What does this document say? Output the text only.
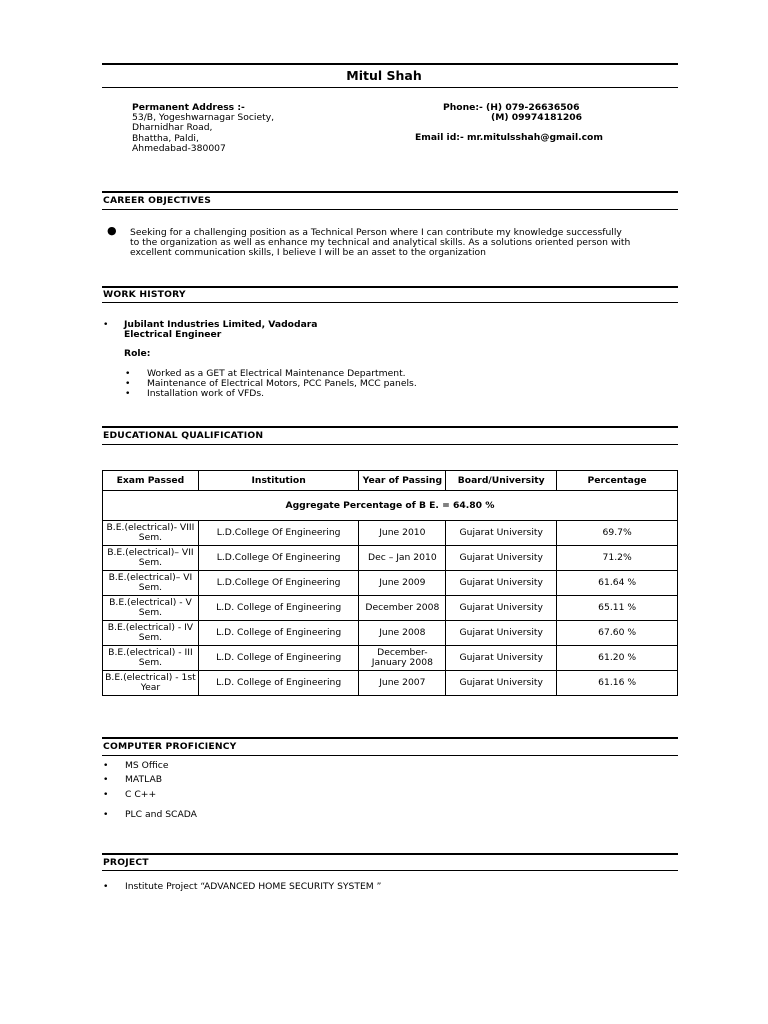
Mitul Shah
Permanent Address :-
53/B, Yogeshwarnagar Society,
Dharnidhar Road,
Bhattha, Paldi,
Ahmedabad-380007
Phone:- (H) 079-26636506
(M) 09974181206
Email id:- mr.mitulsshah@gmail.com
CAREER OBJECTIVES
● Seeking for a challenging position as a Technical Person where I can contribute my knowledge successfully
to the organization as well as enhance my technical and analytical skills. As a solutions oriented person with
excellent communication skills, I believe I will be an asset to the organization
WORK HISTORY
• Jubilant Industries Limited, Vadodara
Electrical Engineer
Role:
• Worked as a GET at Electrical Maintenance Department.
• Maintenance of Electrical Motors, PCC Panels, MCC panels.
• Installation work of VFDs.
EDUCATIONAL QUALIFICATION
Exam Passed	Institution	Year of Passing	Board/University	Percentage
Aggregate Percentage of B E. = 64.80 %				
B.E.(electrical)- VIII Sem.	L.D.College Of Engineering	June 2010	Gujarat University	69.7%
B.E.(electrical)– VII Sem.	L.D.College Of Engineering	Dec – Jan 2010	Gujarat University	71.2%
B.E.(electrical)– VI Sem.	L.D.College Of Engineering	June 2009	Gujarat University	61.64 %
B.E.(electrical) - V Sem.	L.D. College of Engineering	December 2008	Gujarat University	65.11 %
B.E.(electrical) - IV Sem.	L.D. College of Engineering	June 2008	Gujarat University	67.60 %
B.E.(electrical) - III Sem.	L.D. College of Engineering	December- January 2008	Gujarat University	61.20 %
B.E.(electrical) - 1st Year	L.D. College of Engineering	June 2007	Gujarat University	61.16 %
COMPUTER PROFICIENCY
• MS Office
• MATLAB
• C C++
• PLC and SCADA
PROJECT
• Institute Project “ADVANCED HOME SECURITY SYSTEM ”
